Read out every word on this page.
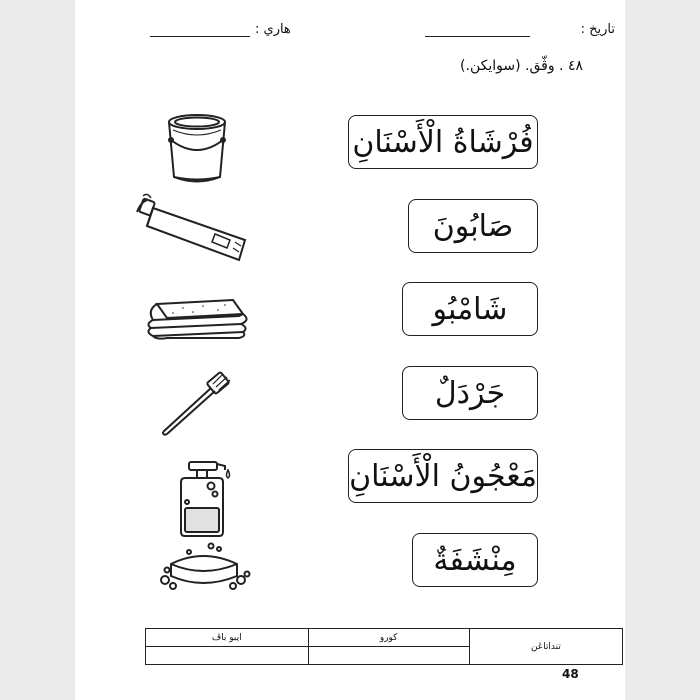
تاريخ :
هاري :
٤٨ . وڤّق. (سوايكن.)
فُرْشَاةُ الْأَسْنَانِ
صَابُونَ
شَامْبُو
جَرْدَلٌ
مَعْجُونُ الْأَسْنَانِ
مِنْشَفَةٌ
ايبو باڤ	كورو	تنداتاڠن

48
